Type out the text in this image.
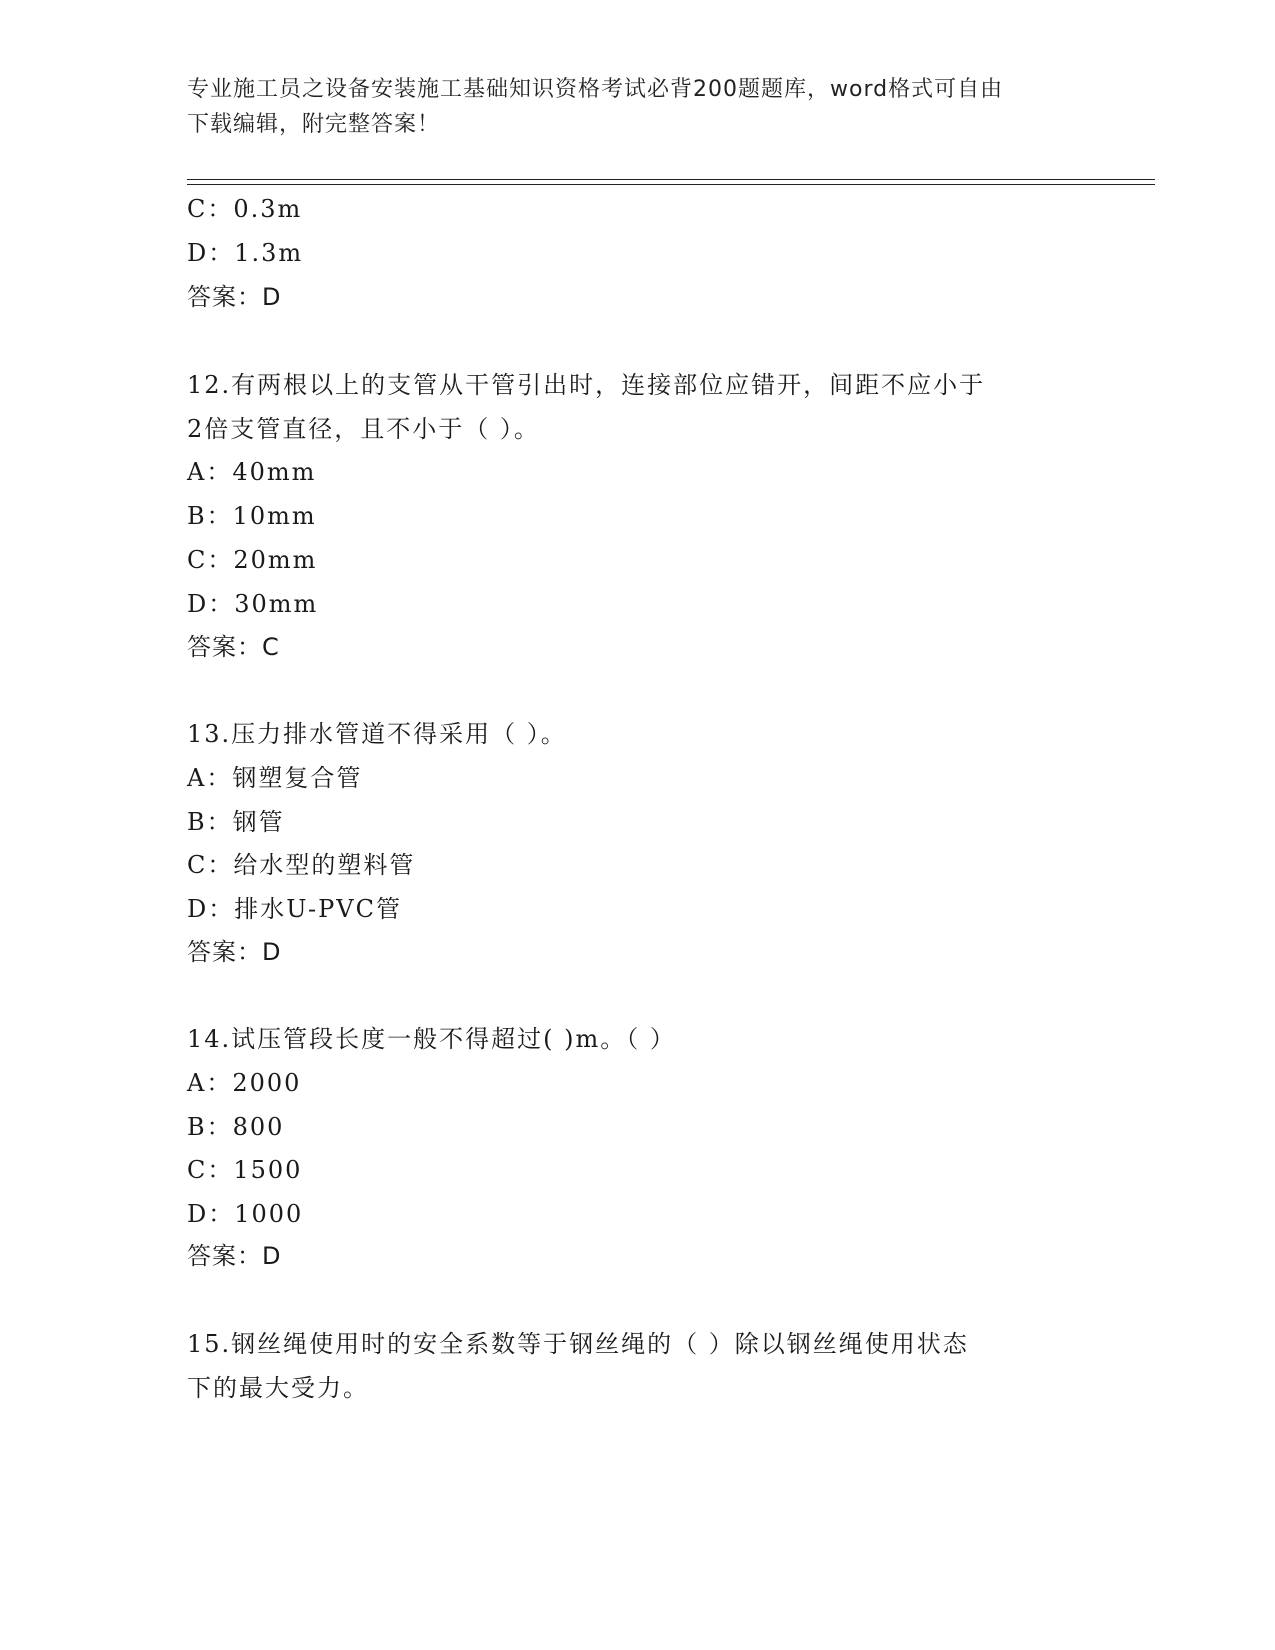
专业施工员之设备安装施工基础知识资格考试必背200题题库，word格式可自由
下载编辑，附完整答案！
C：0.3m
D：1.3m
答案：D
12.有两根以上的支管从干管引出时，连接部位应错开，间距不应小于
2倍支管直径，且不小于（ ）。
A：40mm
B：10mm
C：20mm
D：30mm
答案：C
13.压力排水管道不得采用（ ）。
A：钢塑复合管
B：钢管
C：给水型的塑料管
D：排水U-PVC管
答案：D
14.试压管段长度一般不得超过( )m。（ ）
A：2000
B：800
C：1500
D：1000
答案：D
15.钢丝绳使用时的安全系数等于钢丝绳的（ ）除以钢丝绳使用状态
下的最大受力。
